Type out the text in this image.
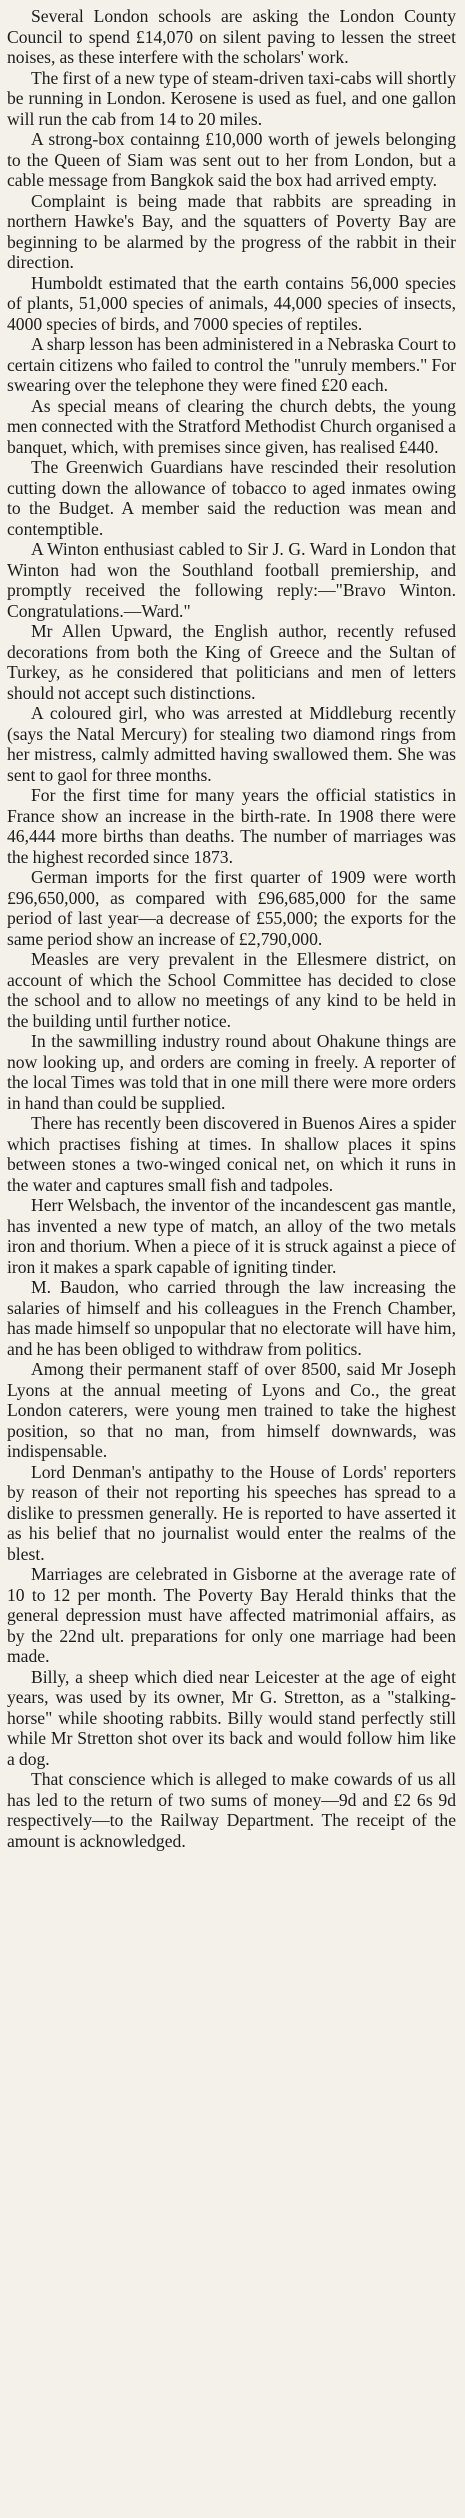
Several London schools are asking the London County Council to spend £14,070 on silent paving to lessen the street noises, as these interfere with the scholars' work.

The first of a new type of steam-driven taxi-cabs will shortly be running in London. Kerosene is used as fuel, and one gallon will run the cab from 14 to 20 miles.

A strong-box containng £10,000 worth of jewels belonging to the Queen of Siam was sent out to her from London, but a cable message from Bangkok said the box had arrived empty.

Complaint is being made that rabbits are spreading in northern Hawke's Bay, and the squatters of Poverty Bay are beginning to be alarmed by the progress of the rabbit in their direction.

Humboldt estimated that the earth contains 56,000 species of plants, 51,000 species of animals, 44,000 species of insects, 4000 species of birds, and 7000 species of reptiles.

A sharp lesson has been administered in a Nebraska Court to certain citizens who failed to control the "unruly members." For swearing over the telephone they were fined £20 each.

As special means of clearing the church debts, the young men connected with the Stratford Methodist Church organised a banquet, which, with premises since given, has realised £440.

The Greenwich Guardians have rescinded their resolution cutting down the allowance of tobacco to aged inmates owing to the Budget. A member said the reduction was mean and contemptible.

A Winton enthusiast cabled to Sir J. G. Ward in London that Winton had won the Southland football premiership, and promptly received the following reply:—"Bravo Winton. Congratulations.—Ward."

Mr Allen Upward, the English author, recently refused decorations from both the King of Greece and the Sultan of Turkey, as he considered that politicians and men of letters should not accept such distinctions.

A coloured girl, who was arrested at Middleburg recently (says the Natal Mercury) for stealing two diamond rings from her mistress, calmly admitted having swallowed them. She was sent to gaol for three months.

For the first time for many years the official statistics in France show an increase in the birth-rate. In 1908 there were 46,444 more births than deaths. The number of marriages was the highest recorded since 1873.

German imports for the first quarter of 1909 were worth £96,650,000, as compared with £96,685,000 for the same period of last year—a decrease of £55,000; the exports for the same period show an increase of £2,790,000.

Measles are very prevalent in the Ellesmere district, on account of which the School Committee has decided to close the school and to allow no meetings of any kind to be held in the building until further notice.

In the sawmilling industry round about Ohakune things are now looking up, and orders are coming in freely. A reporter of the local Times was told that in one mill there were more orders in hand than could be supplied.

There has recently been discovered in Buenos Aires a spider which practises fishing at times. In shallow places it spins between stones a two-winged conical net, on which it runs in the water and captures small fish and tadpoles.

Herr Welsbach, the inventor of the incandescent gas mantle, has invented a new type of match, an alloy of the two metals iron and thorium. When a piece of it is struck against a piece of iron it makes a spark capable of igniting tinder.

M. Baudon, who carried through the law increasing the salaries of himself and his colleagues in the French Chamber, has made himself so unpopular that no electorate will have him, and he has been obliged to withdraw from politics.

Among their permanent staff of over 8500, said Mr Joseph Lyons at the annual meeting of Lyons and Co., the great London caterers, were young men trained to take the highest position, so that no man, from himself downwards, was indispensable.

Lord Denman's antipathy to the House of Lords' reporters by reason of their not reporting his speeches has spread to a dislike to pressmen generally. He is reported to have asserted it as his belief that no journalist would enter the realms of the blest.

Marriages are celebrated in Gisborne at the average rate of 10 to 12 per month. The Poverty Bay Herald thinks that the general depression must have affected matrimonial affairs, as by the 22nd ult. preparations for only one marriage had been made.

Billy, a sheep which died near Leicester at the age of eight years, was used by its owner, Mr G. Stretton, as a "stalking-horse" while shooting rabbits. Billy would stand perfectly still while Mr Stretton shot over its back and would follow him like a dog.

That conscience which is alleged to make cowards of us all has led to the return of two sums of money—9d and £2 6s 9d respectively—to the Railway Department. The receipt of the amount is acknowledged.
